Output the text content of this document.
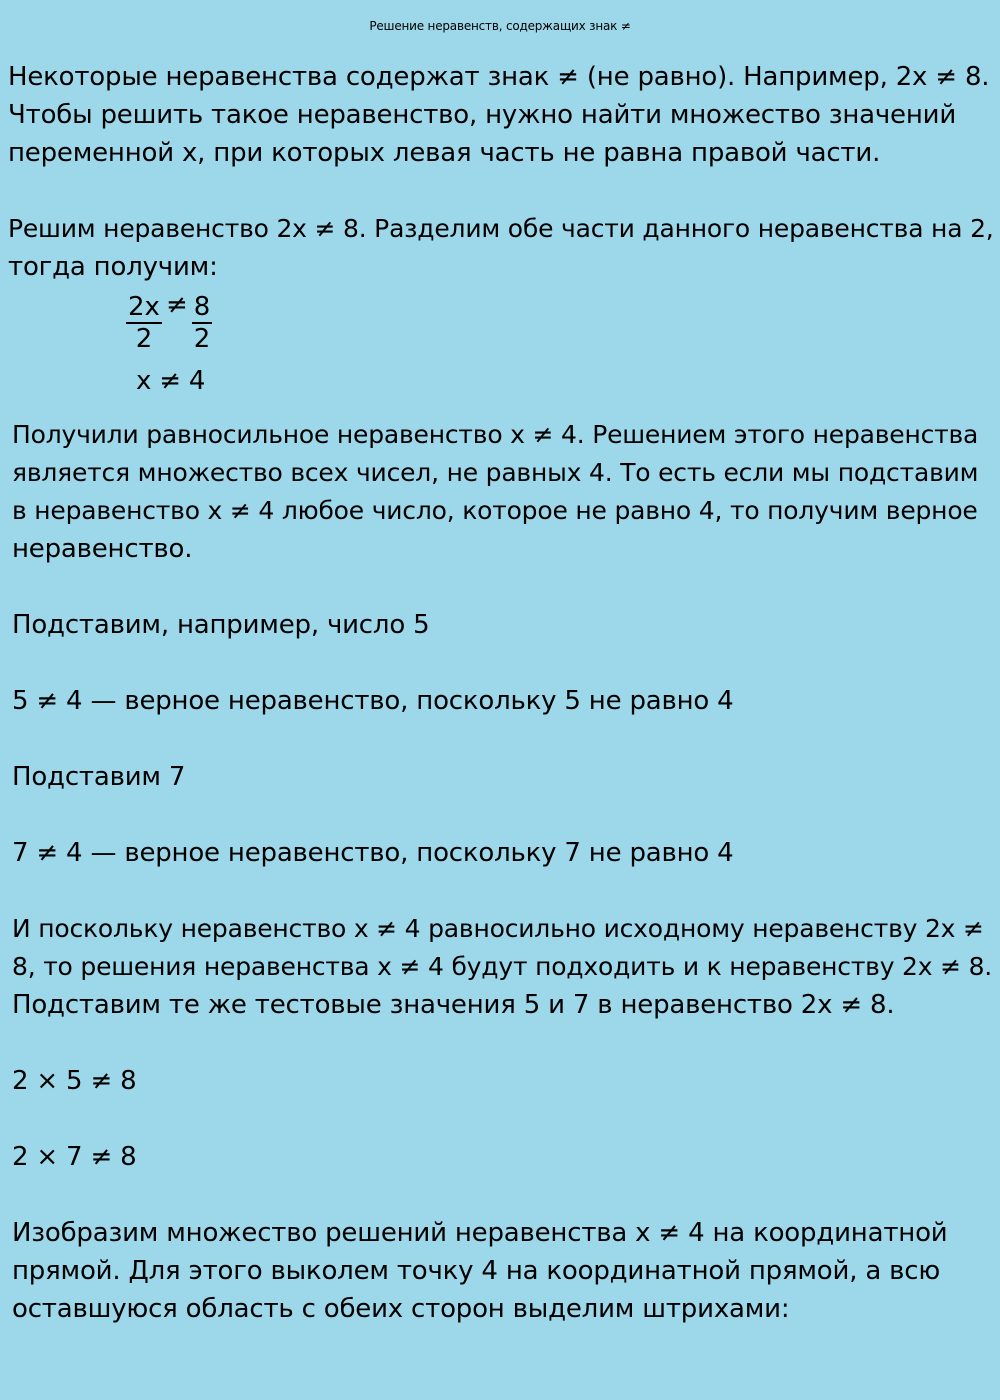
Решение неравенств, содержащих знак ≠

Некоторые неравенства содержат знак ≠ (не равно). Например, 2x ≠ 8.

Чтобы решить такое неравенство, нужно найти множество значений

переменной x, при которых левая часть не равна правой части.

Решим неравенство 2x ≠ 8. Разделим обе части данного неравенства на 2,

тогда получим:

$\frac{2x}{2} \ne \frac{8}{2}$

x ≠ 4

Получили равносильное неравенство x ≠ 4. Решением этого неравенства

является множество всех чисел, не равных 4. То есть если мы подставим

в неравенство x ≠ 4 любое число, которое не равно 4, то получим верное

неравенство.

Подставим, например, число 5

5 ≠ 4 — верное неравенство, поскольку 5 не равно 4

Подставим 7

7 ≠ 4 — верное неравенство, поскольку 7 не равно 4

И поскольку неравенство x ≠ 4 равносильно исходному неравенству 2x ≠

8, то решения неравенства x ≠ 4 будут подходить и к неравенству 2x ≠ 8.

Подставим те же тестовые значения 5 и 7 в неравенство 2x ≠ 8.

2 × 5 ≠ 8

2 × 7 ≠ 8

Изобразим множество решений неравенства x ≠ 4 на координатной

прямой. Для этого выколем точку 4 на координатной прямой, а всю

оставшуюся область с обеих сторон выделим штрихами:
